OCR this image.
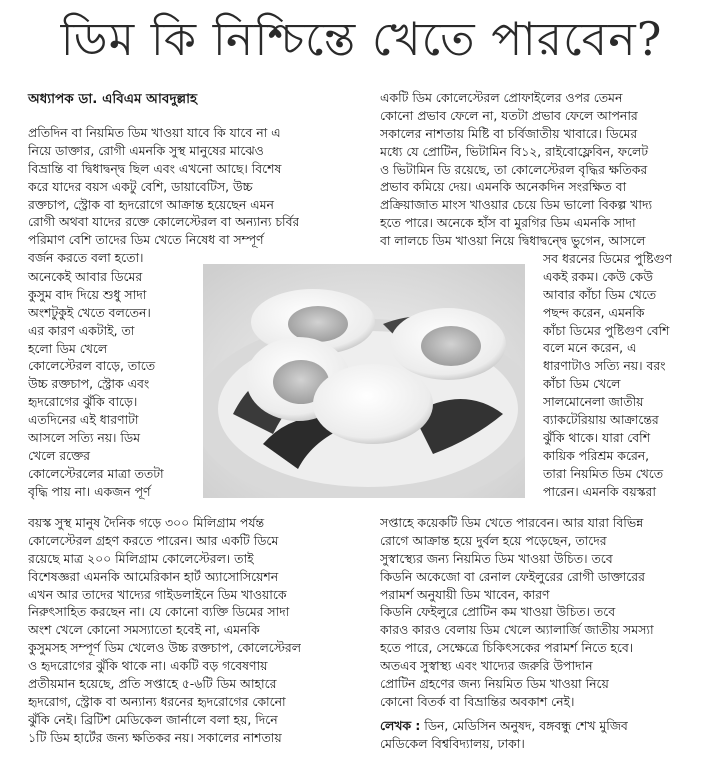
ডিম কি নিশ্চিন্তে খেতে পারবেন?
অধ্যাপক ডা. এবিএম আবদুল্লাহ
প্রতিদিন বা নিয়মিত ডিম খাওয়া যাবে কি যাবে না এ
নিয়ে ডাক্তার, রোগী এমনকি সুস্থ মানুষের মাঝেও
বিভ্রান্তি বা দ্বিধাদ্বন্দ্ব ছিল এবং এখনো আছে। বিশেষ
করে যাদের বয়স একটু বেশি, ডায়াবেটিস, উচ্চ
রক্তচাপ, স্ট্রোক বা হৃদরোগে আক্রান্ত হয়েছেন এমন
রোগী অথবা যাদের রক্তে কোলেস্টেরল বা অন্যান্য চর্বির
পরিমাণ বেশি তাদের ডিম খেতে নিষেধ বা সম্পূর্ণ
বর্জন করতে বলা হতো।
অনেকেই আবার ডিমের
কুসুম বাদ দিয়ে শুধু সাদা
অংশটুকুই খেতে বলতেন।
এর কারণ একটাই, তা
হলো ডিম খেলে
কোলেস্টেরল বাড়ে, তাতে
উচ্চ রক্তচাপ, স্ট্রোক এবং
হৃদরোগের ঝুঁকি বাড়ে।
এতদিনের এই ধারণাটা
আসলে সত্যি নয়। ডিম
খেলে রক্তের
কোলেস্টেরলের মাত্রা ততটা
বৃদ্ধি পায় না। একজন পূর্ণ
বয়স্ক সুস্থ মানুষ দৈনিক গড়ে ৩০০ মিলিগ্রাম পর্যন্ত
কোলেস্টেরল গ্রহণ করতে পারেন। আর একটি ডিমে
রয়েছে মাত্র ২০০ মিলিগ্রাম কোলেস্টেরল। তাই
বিশেষজ্ঞরা এমনকি আমেরিকান হার্ট অ্যাসোসিয়েশন
এখন আর তাদের খাদ্যের গাইডলাইনে ডিম খাওয়াকে
নিরুৎসাহিত করছেন না। যে কোনো ব্যক্তি ডিমের সাদা
অংশ খেলে কোনো সমস্যাতো হবেই না, এমনকি
কুসুমসহ সম্পূর্ণ ডিম খেলেও উচ্চ রক্তচাপ, কোলেস্টেরল
ও হৃদরোগের ঝুঁকি থাকে না। একটি বড় গবেষণায়
প্রতীয়মান হয়েছে, প্রতি সপ্তাহে ৫-৬টি ডিম আহারে
হৃদরোগ, স্ট্রোক বা অন্যান্য ধরনের হৃদরোগের কোনো
ঝুঁকি নেই। ব্রিটিশ মেডিকেল জার্নালে বলা হয়, দিনে
১টি ডিম হার্টের জন্য ক্ষতিকর নয়। সকালের নাশতায়
একটি ডিম কোলেস্টেরল প্রোফাইলের ওপর তেমন
কোনো প্রভাব ফেলে না, যতটা প্রভাব ফেলে আপনার
সকালের নাশতায় মিষ্টি বা চর্বিজাতীয় খাবারে। ডিমের
মধ্যে যে প্রোটিন, ভিটামিন বি১২, রাইবোফ্লেবিন, ফলেট
ও ভিটামিন ডি রয়েছে, তা কোলেস্টেরল বৃদ্ধির ক্ষতিকর
প্রভাব কমিয়ে দেয়। এমনকি অনেকদিন সংরক্ষিত বা
প্রক্রিয়াজাত মাংস খাওয়ার চেয়ে ডিম ভালো বিকল্প খাদ্য
হতে পারে। অনেকে হাঁস বা মুরগির ডিম এমনকি সাদা
বা লালচে ডিম খাওয়া নিয়ে দ্বিধাদ্বন্দ্বে ভুগেন, আসলে
সব ধরনের ডিমের পুষ্টিগুণ
একই রকম। কেউ কেউ
আবার কাঁচা ডিম খেতে
পছন্দ করেন, এমনকি
কাঁচা ডিমের পুষ্টিগুণ বেশি
বলে মনে করেন, এ
ধারণাটাও সত্যি নয়। বরং
কাঁচা ডিম খেলে
সালমোনেলা জাতীয়
ব্যাকটেরিয়ায় আক্রান্তের
ঝুঁকি থাকে। যারা বেশি
কায়িক পরিশ্রম করেন,
তারা নিয়মিত ডিম খেতে
পারেন। এমনকি বয়স্করা
সপ্তাহে কয়েকটি ডিম খেতে পারবেন। আর যারা বিভিন্ন
রোগে আক্রান্ত হয়ে দুর্বল হয়ে পড়েছেন, তাদের
সুস্বাস্থ্যের জন্য নিয়মিত ডিম খাওয়া উচিত। তবে
কিডনি অকেজো বা রেনাল ফেইলুরের রোগী ডাক্তারের
পরামর্শ অনুযায়ী ডিম খাবেন, কারণ
কিডনি ফেইলুরে প্রোটিন কম খাওয়া উচিত। তবে
কারও কারও বেলায় ডিম খেলে অ্যালার্জি জাতীয় সমস্যা
হতে পারে, সেক্ষেত্রে চিকিৎসকের পরামর্শ নিতে হবে।
অতএব সুস্বাস্থ্য এবং খাদ্যের জরুরি উপাদান
প্রোটিন গ্রহণের জন্য নিয়মিত ডিম খাওয়া নিয়ে
কোনো বিতর্ক বা বিভ্রান্তির অবকাশ নেই।
লেখক : ডিন, মেডিসিন অনুষদ, বঙ্গবন্ধু শেখ মুজিব
মেডিকেল বিশ্ববিদ্যালয়, ঢাকা।
